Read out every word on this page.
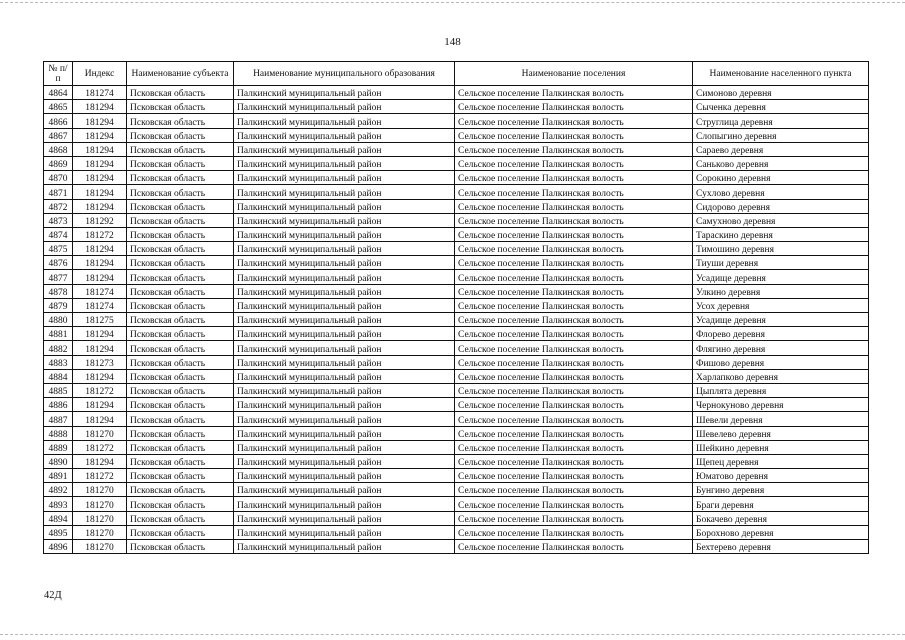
148
№ п/п	Индекс	Наименование субъекта	Наименование муниципального образования	Наименование поселения	Наименование населенного пункта
4864	181274	Псковская область	Палкинский муниципальный район	Сельское поселение Палкинская волость	Симоново деревня
4865	181294	Псковская область	Палкинский муниципальный район	Сельское поселение Палкинская волость	Сыченка деревня
4866	181294	Псковская область	Палкинский муниципальный район	Сельское поселение Палкинская волость	Струглица деревня
4867	181294	Псковская область	Палкинский муниципальный район	Сельское поселение Палкинская волость	Слопыгино деревня
4868	181294	Псковская область	Палкинский муниципальный район	Сельское поселение Палкинская волость	Сараево деревня
4869	181294	Псковская область	Палкинский муниципальный район	Сельское поселение Палкинская волость	Санько​во деревня
4870	181294	Псковская область	Палкинский муниципальный район	Сельское поселение Палкинская волость	Сорокино деревня
4871	181294	Псковская область	Палкинский муниципальный район	Сельское поселение Палкинская волость	Сухлово деревня
4872	181294	Псковская область	Палкинский муниципальный район	Сельское поселение Палкинская волость	Сидорово деревня
4873	181292	Псковская область	Палкинский муниципальный район	Сельское поселение Палкинская волость	Самухново деревня
4874	181272	Псковская область	Палкинский муниципальный район	Сельское поселение Палкинская волость	Тараскино деревня
4875	181294	Псковская область	Палкинский муниципальный район	Сельское поселение Палкинская волость	Тимошино деревня
4876	181294	Псковская область	Палкинский муниципальный район	Сельское поселение Палкинская волость	Тиуши деревня
4877	181294	Псковская область	Палкинский муниципальный район	Сельское поселение Палкинская волость	Усадище деревня
4878	181274	Псковская область	Палкинский муниципальный район	Сельское поселение Палкинская волость	Улкино деревня
4879	181274	Псковская область	Палкинский муниципальный район	Сельское поселение Палкинская волость	Усох деревня
4880	181275	Псковская область	Палкинский муниципальный район	Сельское поселение Палкинская волость	Усадище деревня
4881	181294	Псковская область	Палкинский муниципальный район	Сельское поселение Палкинская волость	Флорево деревня
4882	181294	Псковская область	Палкинский муниципальный район	Сельское поселение Палкинская волость	Флягино деревня
4883	181273	Псковская область	Палкинский муниципальный район	Сельское поселение Палкинская волость	Фишово деревня
4884	181294	Псковская область	Палкинский муниципальный район	Сельское поселение Палкинская волость	Харлапково деревня
4885	181272	Псковская область	Палкинский муниципальный район	Сельское поселение Палкинская волость	Цыплята деревня
4886	181294	Псковская область	Палкинский муниципальный район	Сельское поселение Палкинская волость	Чернокуново деревня
4887	181294	Псковская область	Палкинский муниципальный район	Сельское поселение Палкинская волость	Шевели деревня
4888	181270	Псковская область	Палкинский муниципальный район	Сельское поселение Палкинская волость	Шевелево деревня
4889	181272	Псковская область	Палкинский муниципальный район	Сельское поселение Палкинская волость	Шейкино деревня
4890	181294	Псковская область	Палкинский муниципальный район	Сельское поселение Палкинская волость	Щепец деревня
4891	181272	Псковская область	Палкинский муниципальный район	Сельское поселение Палкинская волость	Юматово деревня
4892	181270	Псковская область	Палкинский муниципальный район	Сельское поселение Палкинская волость	Бунгино деревня
4893	181270	Псковская область	Палкинский муниципальный район	Сельское поселение Палкинская волость	Браги деревня
4894	181270	Псковская область	Палкинский муниципальный район	Сельское поселение Палкинская волость	Бокачево деревня
4895	181270	Псковская область	Палкинский муниципальный район	Сельское поселение Палкинская волость	Борохново деревня
4896	181270	Псковская область	Палкинский муниципальный район	Сельское поселение Палкинская волость	Бехтерево деревня
42Д
